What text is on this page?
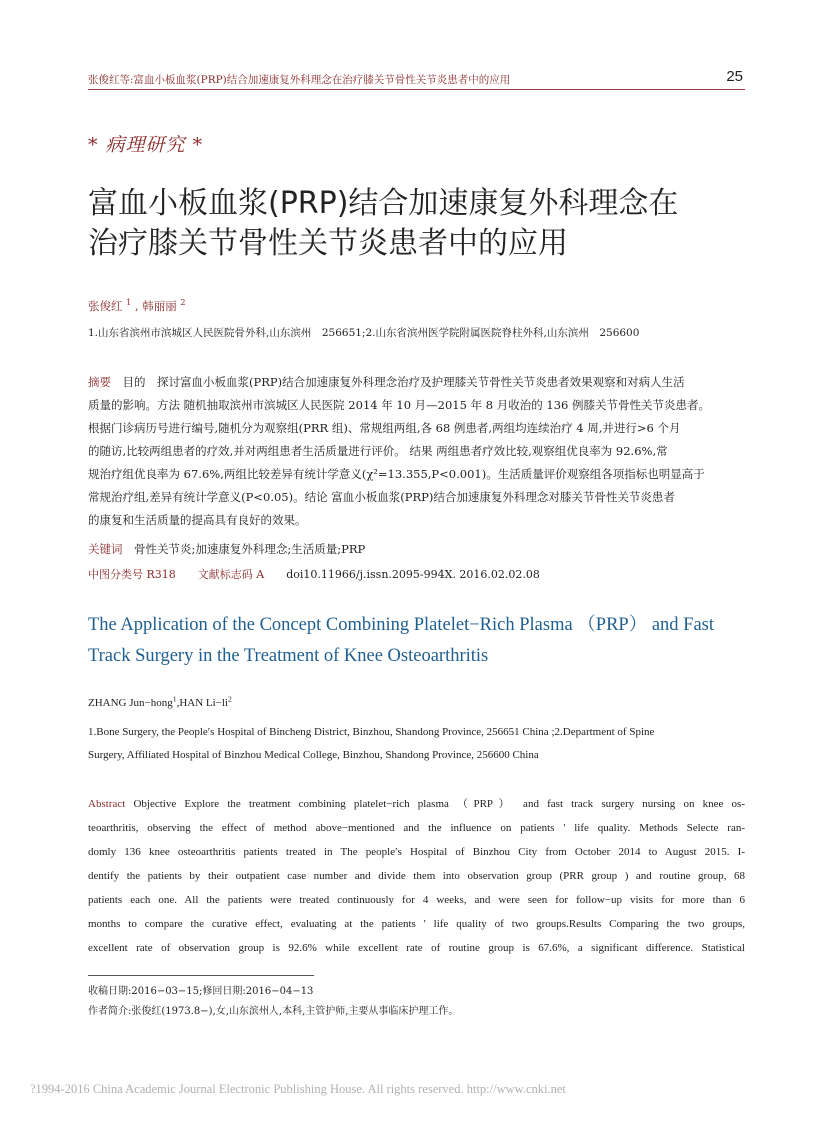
张俊红等:富血小板血浆(PRP)结合加速康复外科理念在治疗膝关节骨性关节炎患者中的应用	25
* 病理研究 *
富血小板血浆(PRP)结合加速康复外科理念在
治疗膝关节骨性关节炎患者中的应用
张俊红 $^1$ , 韩丽丽 $^2$
1.山东省滨州市滨城区人民医院骨外科,山东滨州　256651;2.山东省滨州医学院附属医院脊柱外科,山东滨州　256600
摘要　 目的　探讨富血小板血浆(PRP)结合加速康复外科理念治疗及护理膝关节骨性关节炎患者效果观察和对病人生活
质量的影响。方法 随机抽取滨州市滨城区人民医院 2014 年 10 月—2015 年 8 月收治的 136 例膝关节骨性关节炎患者。
根据门诊病历号进行编号,随机分为观察组(PRR 组)、常规组两组,各 68 例患者,两组均连续治疗 4 周,并进行>6 个月
的随访,比较两组患者的疗效,并对两组患者生活质量进行评价。 结果 两组患者疗效比较,观察组优良率为 92.6%,常
规治疗组优良率为 67.6%,两组比较差异有统计学意义(χ²=13.355,P<0.001)。生活质量评价观察组各项指标也明显高于
常规治疗组,差异有统计学意义(P<0.05)。结论 富血小板血浆(PRP)结合加速康复外科理念对膝关节骨性关节炎患者
的康复和生活质量的提高具有良好的效果。
关键词　 骨性关节炎;加速康复外科理念;生活质量;PRP
中图分类号 R318 文献标志码 A doi10.11966/j.issn.2095-994X. 2016.02.02.08
The Application of the Concept Combining Platelet−Rich Plasma （PRP） and Fast
Track Surgery in the Treatment of Knee Osteoarthritis
ZHANG Jun−hong$^1$,HAN $Li-li^2$
1.Bone Surgery, the People′s Hospital of Bincheng District, Binzhou, Shandong Province, 256651 China ;2.Department of Spine
Surgery, Affiliated Hospital of Binzhou Medical College, Binzhou, Shandong Province, 256600 China
Abstract Objective Explore the treatment combining platelet−rich plasma （PRP） and fast track surgery nursing on knee os-
teoarthritis, observing the effect of method above−mentioned and the influence on patients ' life quality. Methods Selecte ran-
domly 136 knee osteoarthritis patients treated in The people′s Hospital of Binzhou City from October 2014 to August 2015. I-
dentify the patients by their outpatient case number and divide them into observation group (PRR group ) and routine group, 68
patients each one. All the patients were treated continuously for 4 weeks, and were seen for follow−up visits for more than 6
months to compare the curative effect, evaluating at the patients ' life quality of two groups.Results Comparing the two groups,
excellent rate of observation group is 92.6% while excellent rate of routine group is 67.6%, a significant difference. Statistical
收稿日期:2016−03−15;修回日期:2016−04−13
作者简介:张俊红(1973.8−),女,山东滨州人,本科,主管护师,主要从事临床护理工作。
?1994-2016 China Academic Journal Electronic Publishing House. All rights reserved. http://www.cnki.net
